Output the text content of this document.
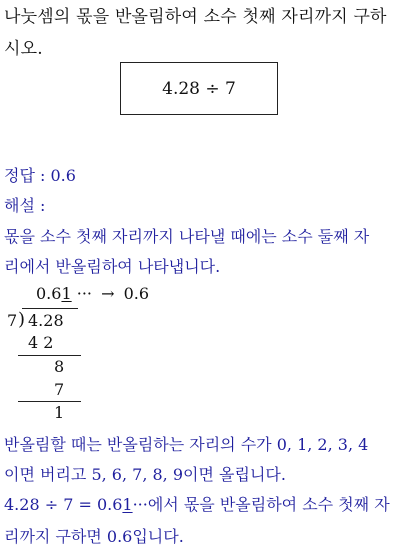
나눗셈의 몫을 반올림하여 소수 첫째 자리까지 구하
시오.
4.28 ÷ 7
정답 : 0.6
해설 :
몫을 소수 첫째 자리까지 나타낼 때에는 소수 둘째 자
리에서 반올림하여 나타냅니다.
0.61 ··· → 0.6
7 ) 4.28
4 2
8
7
1
반올림할 때는 반올림하는 자리의 수가 0, 1, 2, 3, 4
이면 버리고 5, 6, 7, 8, 9이면 올립니다.
4.28 ÷ 7 = 0.61···에서 몫을 반올림하여 소수 첫째 자
리까지 구하면 0.6입니다.
